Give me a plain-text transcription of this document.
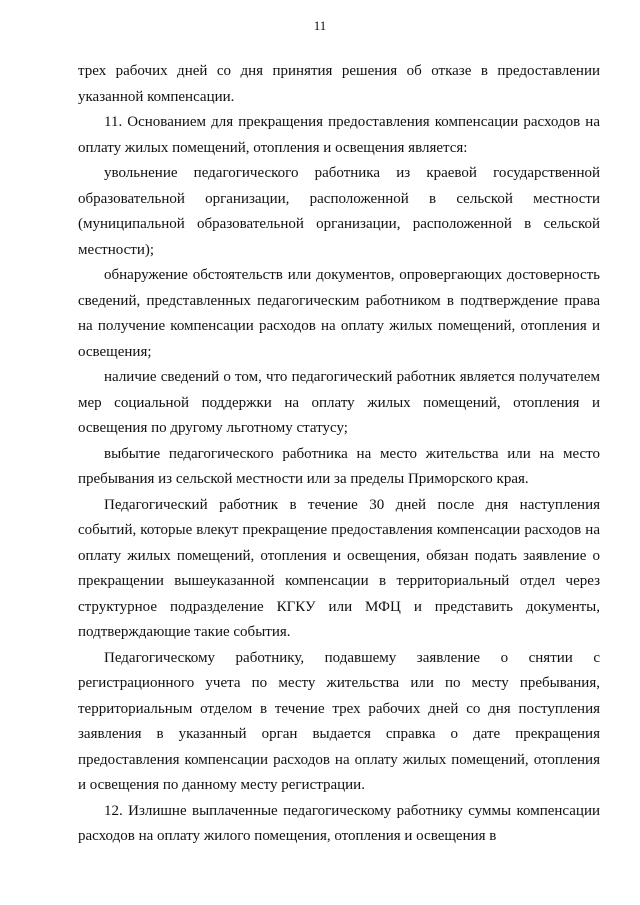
11

трех рабочих дней со дня принятия решения об отказе в предоставлении указанной компенсации.

11. Основанием для прекращения предоставления компенсации расходов на оплату жилых помещений, отопления и освещения является:

увольнение педагогического работника из краевой государственной образовательной организации, расположенной в сельской местности (муниципальной образовательной организации, расположенной в сельской местности);

обнаружение обстоятельств или документов, опровергающих достоверность сведений, представленных педагогическим работником в подтверждение права на получение компенсации расходов на оплату жилых помещений, отопления и освещения;

наличие сведений о том, что педагогический работник является получателем мер социальной поддержки на оплату жилых помещений, отопления и освещения по другому льготному статусу;

выбытие педагогического работника на место жительства или на место пребывания из сельской местности или за пределы Приморского края.

Педагогический работник в течение 30 дней после дня наступления событий, которые влекут прекращение предоставления компенсации расходов на оплату жилых помещений, отопления и освещения, обязан подать заявление о прекращении вышеуказанной компенсации в территориальный отдел через структурное подразделение КГКУ или МФЦ и представить документы, подтверждающие такие события.

Педагогическому работнику, подавшему заявление о снятии с регистрационного учета по месту жительства или по месту пребывания, территориальным отделом в течение трех рабочих дней со дня поступления заявления в указанный орган выдается справка о дате прекращения предоставления компенсации расходов на оплату жилых помещений, отопления и освещения по данному месту регистрации.

12. Излишне выплаченные педагогическому работнику суммы компенсации расходов на оплату жилого помещения, отопления и освещения в
